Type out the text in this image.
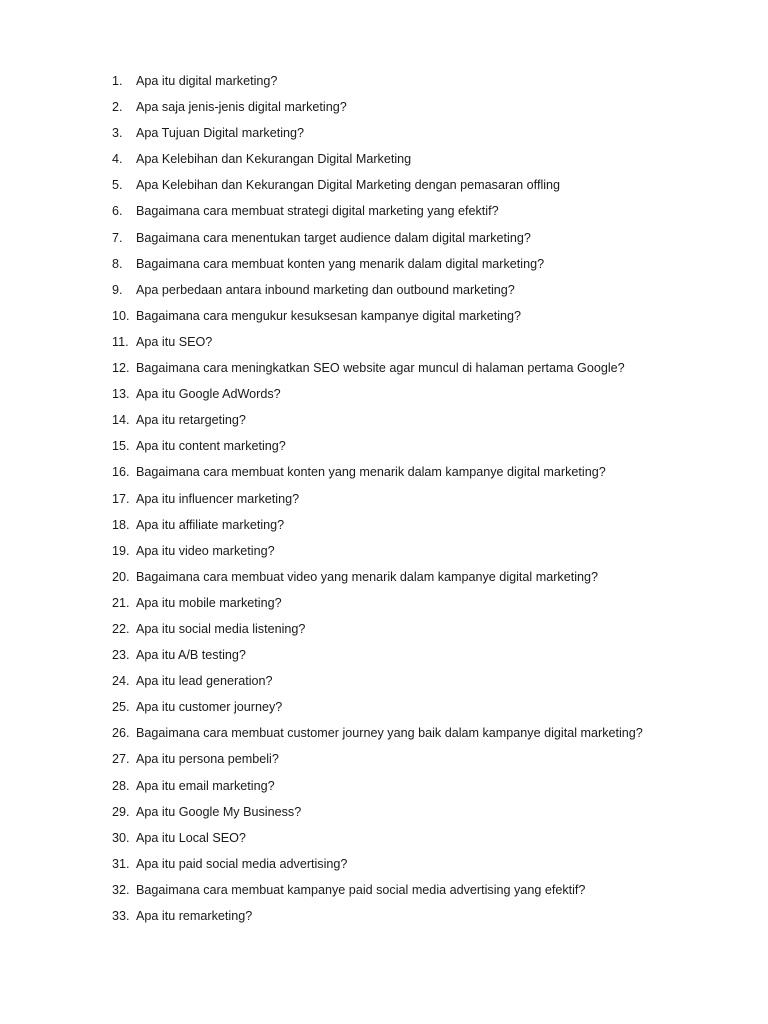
1.	Apa itu digital marketing?
2.	Apa saja jenis-jenis digital marketing?
3.	Apa Tujuan Digital marketing?
4.	Apa Kelebihan dan Kekurangan Digital Marketing
5.	Apa Kelebihan dan Kekurangan Digital Marketing dengan pemasaran offling
6.	Bagaimana cara membuat strategi digital marketing yang efektif?
7.	Bagaimana cara menentukan target audience dalam digital marketing?
8.	Bagaimana cara membuat konten yang menarik dalam digital marketing?
9.	Apa perbedaan antara inbound marketing dan outbound marketing?
10. Bagaimana cara mengukur kesuksesan kampanye digital marketing?
11. Apa itu SEO?
12. Bagaimana cara meningkatkan SEO website agar muncul di halaman pertama Google?
13. Apa itu Google AdWords?
14. Apa itu retargeting?
15. Apa itu content marketing?
16. Bagaimana cara membuat konten yang menarik dalam kampanye digital marketing?
17. Apa itu influencer marketing?
18. Apa itu affiliate marketing?
19. Apa itu video marketing?
20. Bagaimana cara membuat video yang menarik dalam kampanye digital marketing?
21. Apa itu mobile marketing?
22. Apa itu social media listening?
23. Apa itu A/B testing?
24. Apa itu lead generation?
25. Apa itu customer journey?
26. Bagaimana cara membuat customer journey yang baik dalam kampanye digital marketing?
27. Apa itu persona pembeli?
28. Apa itu email marketing?
29. Apa itu Google My Business?
30. Apa itu Local SEO?
31. Apa itu paid social media advertising?
32. Bagaimana cara membuat kampanye paid social media advertising yang efektif?
33. Apa itu remarketing?
